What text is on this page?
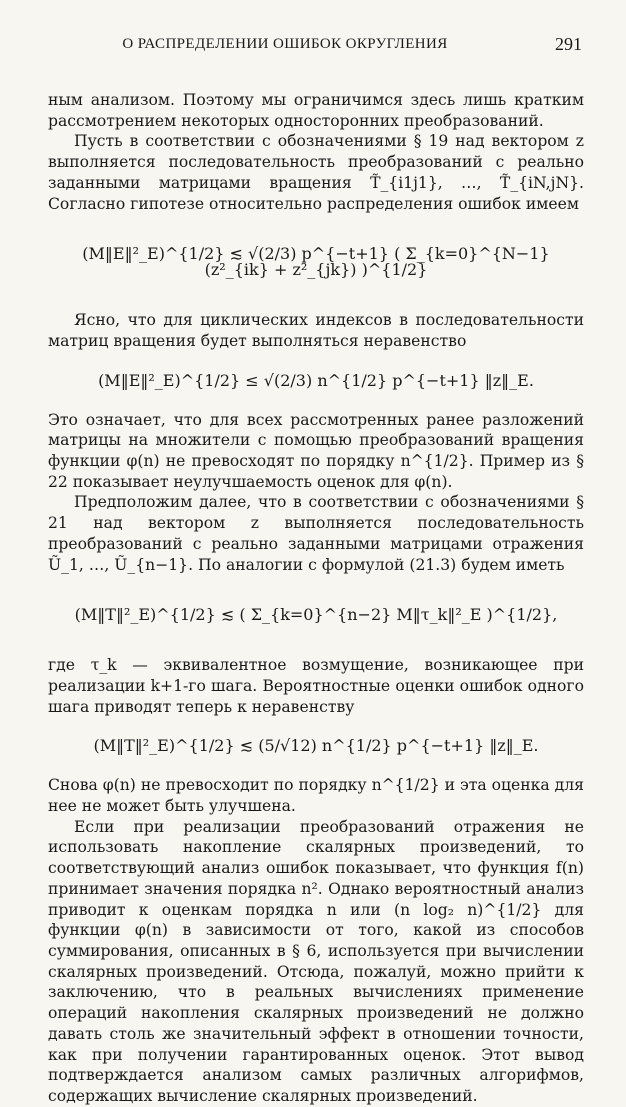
О РАСПРЕДЕЛЕНИИ ОШИБОК ОКРУГЛЕНИЯ	291

ным анализом. Поэтому мы ограничимся здесь лишь кратким рассмотрением некоторых односторонних преобразований.

Пусть в соответствии с обозначениями § 19 над вектором z выполняется последовательность преобразований с реально заданными матрицами вращения T̃_{i1j1}, …, T̃_{iN,jN}. Согласно гипотезе относительно распределения ошибок имеем

(M‖E‖²_E)^{1/2} ≲ √(2/3) p^{−t+1} ( Σ_{k=0}^{N−1} (z²_{ik} + z²_{jk}) )^{1/2}

Ясно, что для циклических индексов в последовательности матриц вращения будет выполняться неравенство

(M‖E‖²_E)^{1/2} ≤ √(2/3) n^{1/2} p^{−t+1} ‖z‖_E.

Это означает, что для всех рассмотренных ранее разложений матрицы на множители с помощью преобразований вращения функции φ(n) не превосходят по порядку n^{1/2}. Пример из § 22 показывает неулучшаемость оценок для φ(n).

Предположим далее, что в соответствии с обозначениями § 21 над вектором z выполняется последовательность преобразований с реально заданными матрицами отражения Ũ_1, …, Ũ_{n−1}. По аналогии с формулой (21.3) будем иметь

(M‖T‖²_E)^{1/2} ≲ ( Σ_{k=0}^{n−2} M‖τ_k‖²_E )^{1/2},

где τ_k — эквивалентное возмущение, возникающее при реализации k+1-го шага. Вероятностные оценки ошибок одного шага приводят теперь к неравенству

(M‖T‖²_E)^{1/2} ≲ (5/√12) n^{1/2} p^{−t+1} ‖z‖_E.

Снова φ(n) не превосходит по порядку n^{1/2} и эта оценка для нее не может быть улучшена.

Если при реализации преобразований отражения не использовать накопление скалярных произведений, то соответствующий анализ ошибок показывает, что функция f(n) принимает значения порядка n². Однако вероятностный анализ приводит к оценкам порядка n или (n log₂ n)^{1/2} для функции φ(n) в зависимости от того, какой из способов суммирования, описанных в § 6, используется при вычислении скалярных произведений. Отсюда, пожалуй, можно прийти к заключению, что в реальных вычислениях применение операций накопления скалярных произведений не должно давать столь же значительный эффект в отношении точности, как при получении гарантированных оценок. Этот вывод подтверждается анализом самых различных алгорифмов, содержащих вычисление скалярных произведений.
